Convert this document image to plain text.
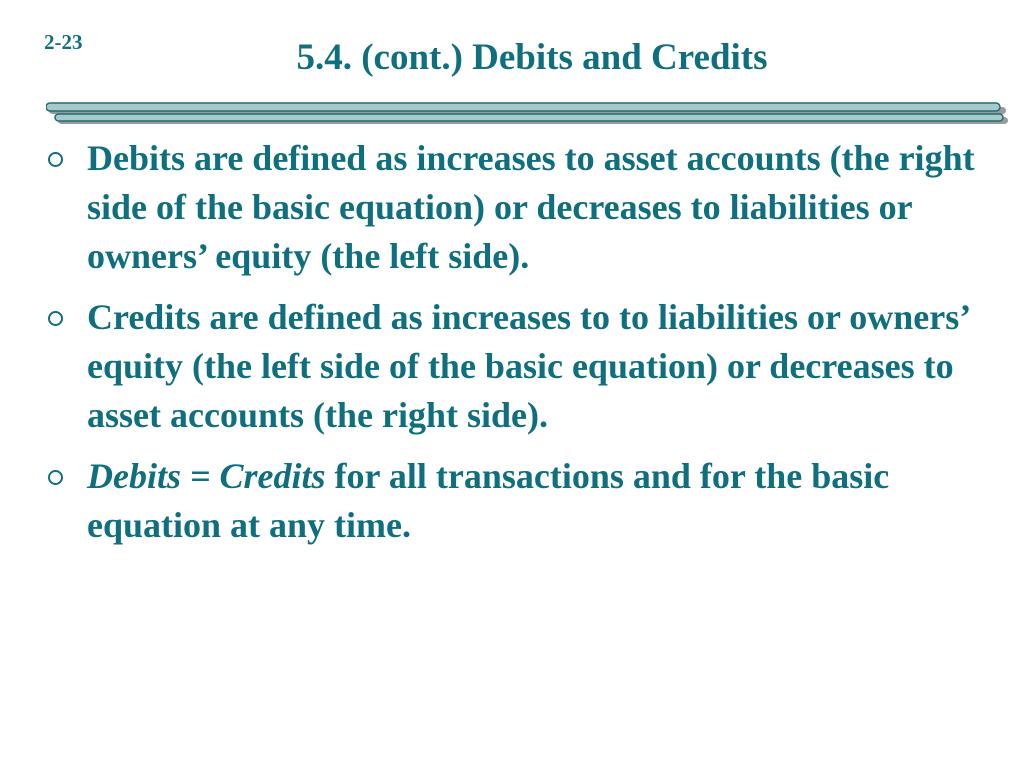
2-23	5.4. (cont.) Debits and Credits
Debits are defined as increases to asset accounts (the right side of the basic equation) or decreases to liabilities or owners’ equity (the left side).
Credits are defined as increases to to liabilities or owners’ equity (the left side of the basic equation) or decreases to asset accounts (the right side).
Debits = Credits for all transactions and for the basic equation at any time.
